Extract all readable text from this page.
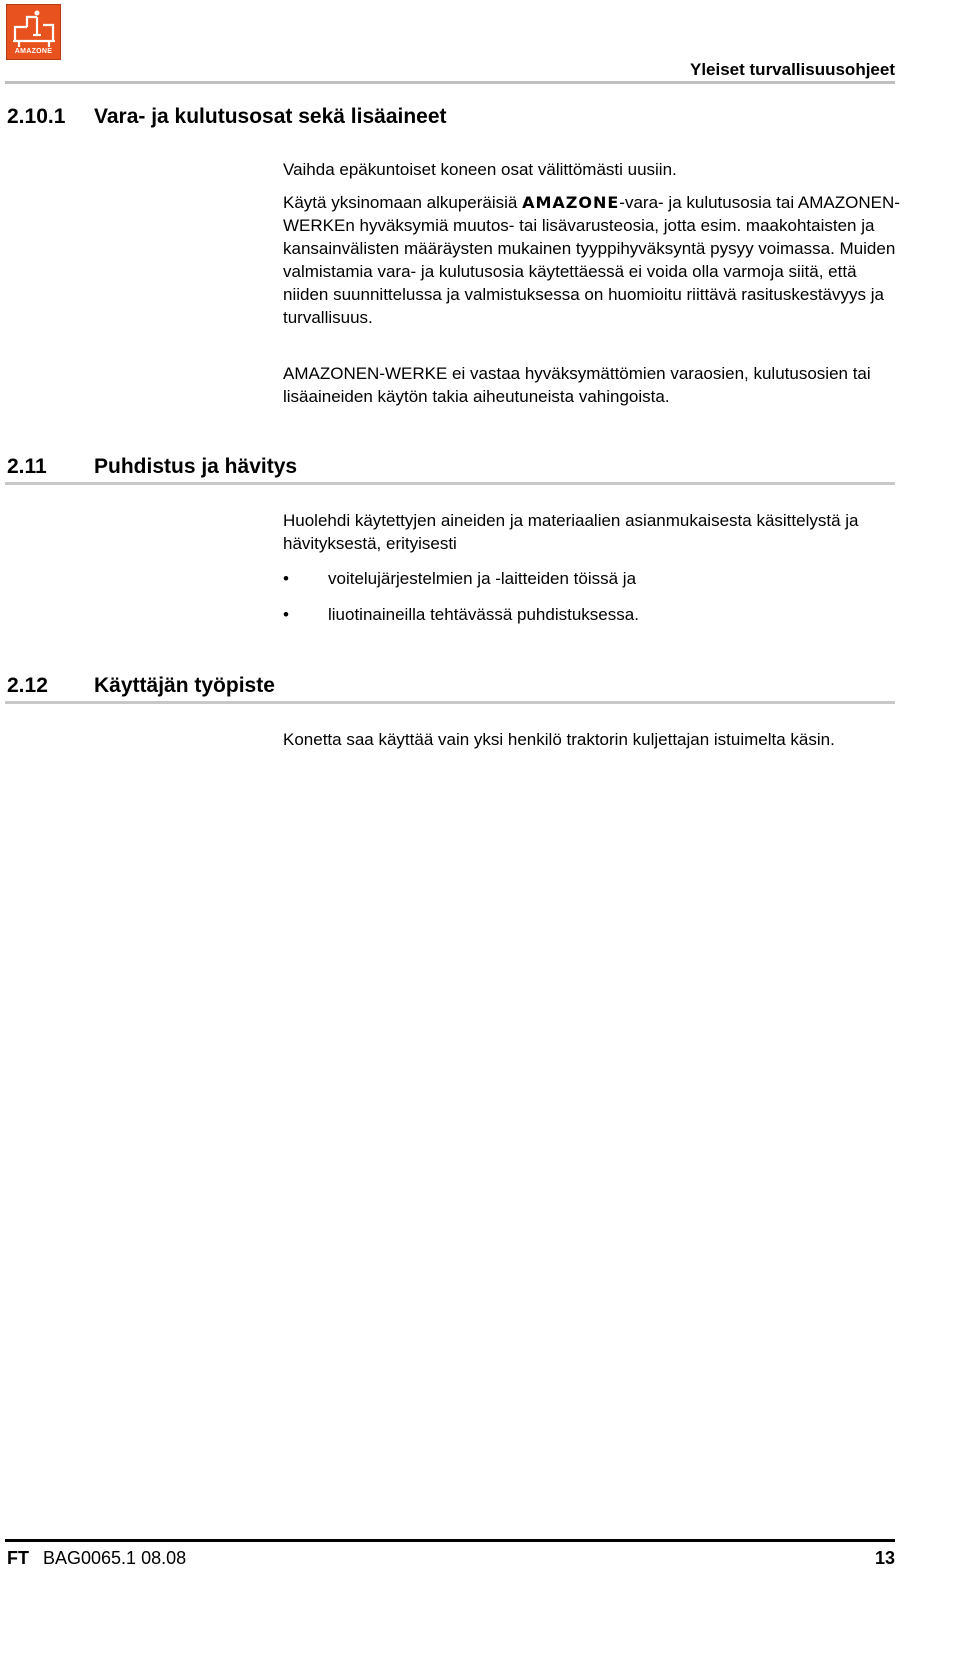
AMAZONE
Yleiset turvallisuusohjeet
2.10.1 Vara- ja kulutusosat sekä lisäaineet
Vaihda epäkuntoiset koneen osat välittömästi uusiin.
Käytä yksinomaan alkuperäisiä AMAZONE-vara- ja kulutusosia tai AMAZONEN-WERKEn hyväksymiä muutos- tai lisävarusteosia, jotta esim. maakohtaisten ja kansainvälisten määräysten mukainen tyyppihyväksyntä pysyy voimassa. Muiden valmistamia vara- ja kulutusosia käytettäessä ei voida olla varmoja siitä, että niiden suunnittelussa ja valmistuksessa on huomioitu riittävä rasituskestävyys ja turvallisuus.
AMAZONEN-WERKE ei vastaa hyväksymättömien varaosien, kulutusosien tai lisäaineiden käytön takia aiheutuneista vahingoista.
2.11 Puhdistus ja hävitys
Huolehdi käytettyjen aineiden ja materiaalien asianmukaisesta käsittelystä ja hävityksestä, erityisesti
• voitelujärjestelmien ja -laitteiden töissä ja
• liuotinaineilla tehtävässä puhdistuksessa.
2.12 Käyttäjän työpiste
Konetta saa käyttää vain yksi henkilö traktorin kuljettajan istuimelta käsin.
FT BAG0065.1 08.08	13
